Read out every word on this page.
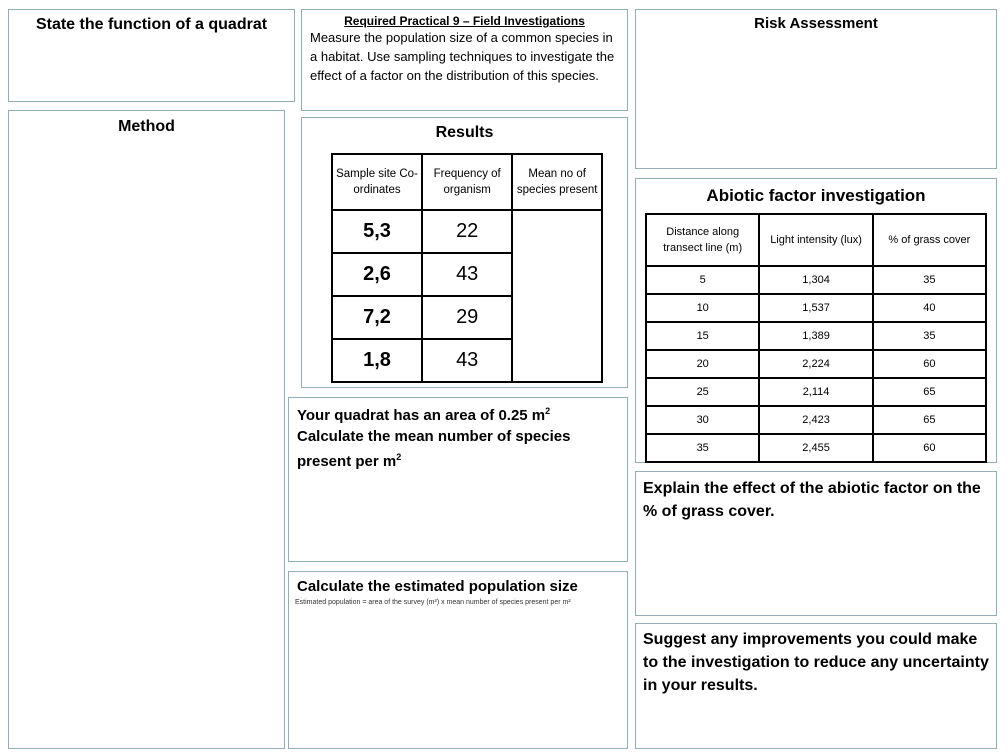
State the function of a quadrat	Required Practical 9 – Field Investigations
Measure the population size of a common species in a habitat. Use sampling techniques to investigate the effect of a factor on the distribution of this species.
Risk Assessment
Method	Results
Sample site Co-ordinates	Frequency of organism	Mean no of species present
5,3	22	
2,6	43	
7,2	29	
1,8	43	
Abiotic factor investigation
Distance along transect line (m)	Light intensity (lux)	% of grass cover
5	1,304	35
10	1,537	40
15	1,389	35
20	2,224	60
25	2,114	65
30	2,423	65
35	2,455	60
Your quadrat has an area of 0.25 $m^2$
Calculate the mean number of species present per $m^2$
Explain the effect of the abiotic factor on the % of grass cover.
Calculate the estimated population size
Estimated population = area of the survey (m²) x mean number of species present per m²
Suggest any improvements you could make to the investigation to reduce any uncertainty in your results.
